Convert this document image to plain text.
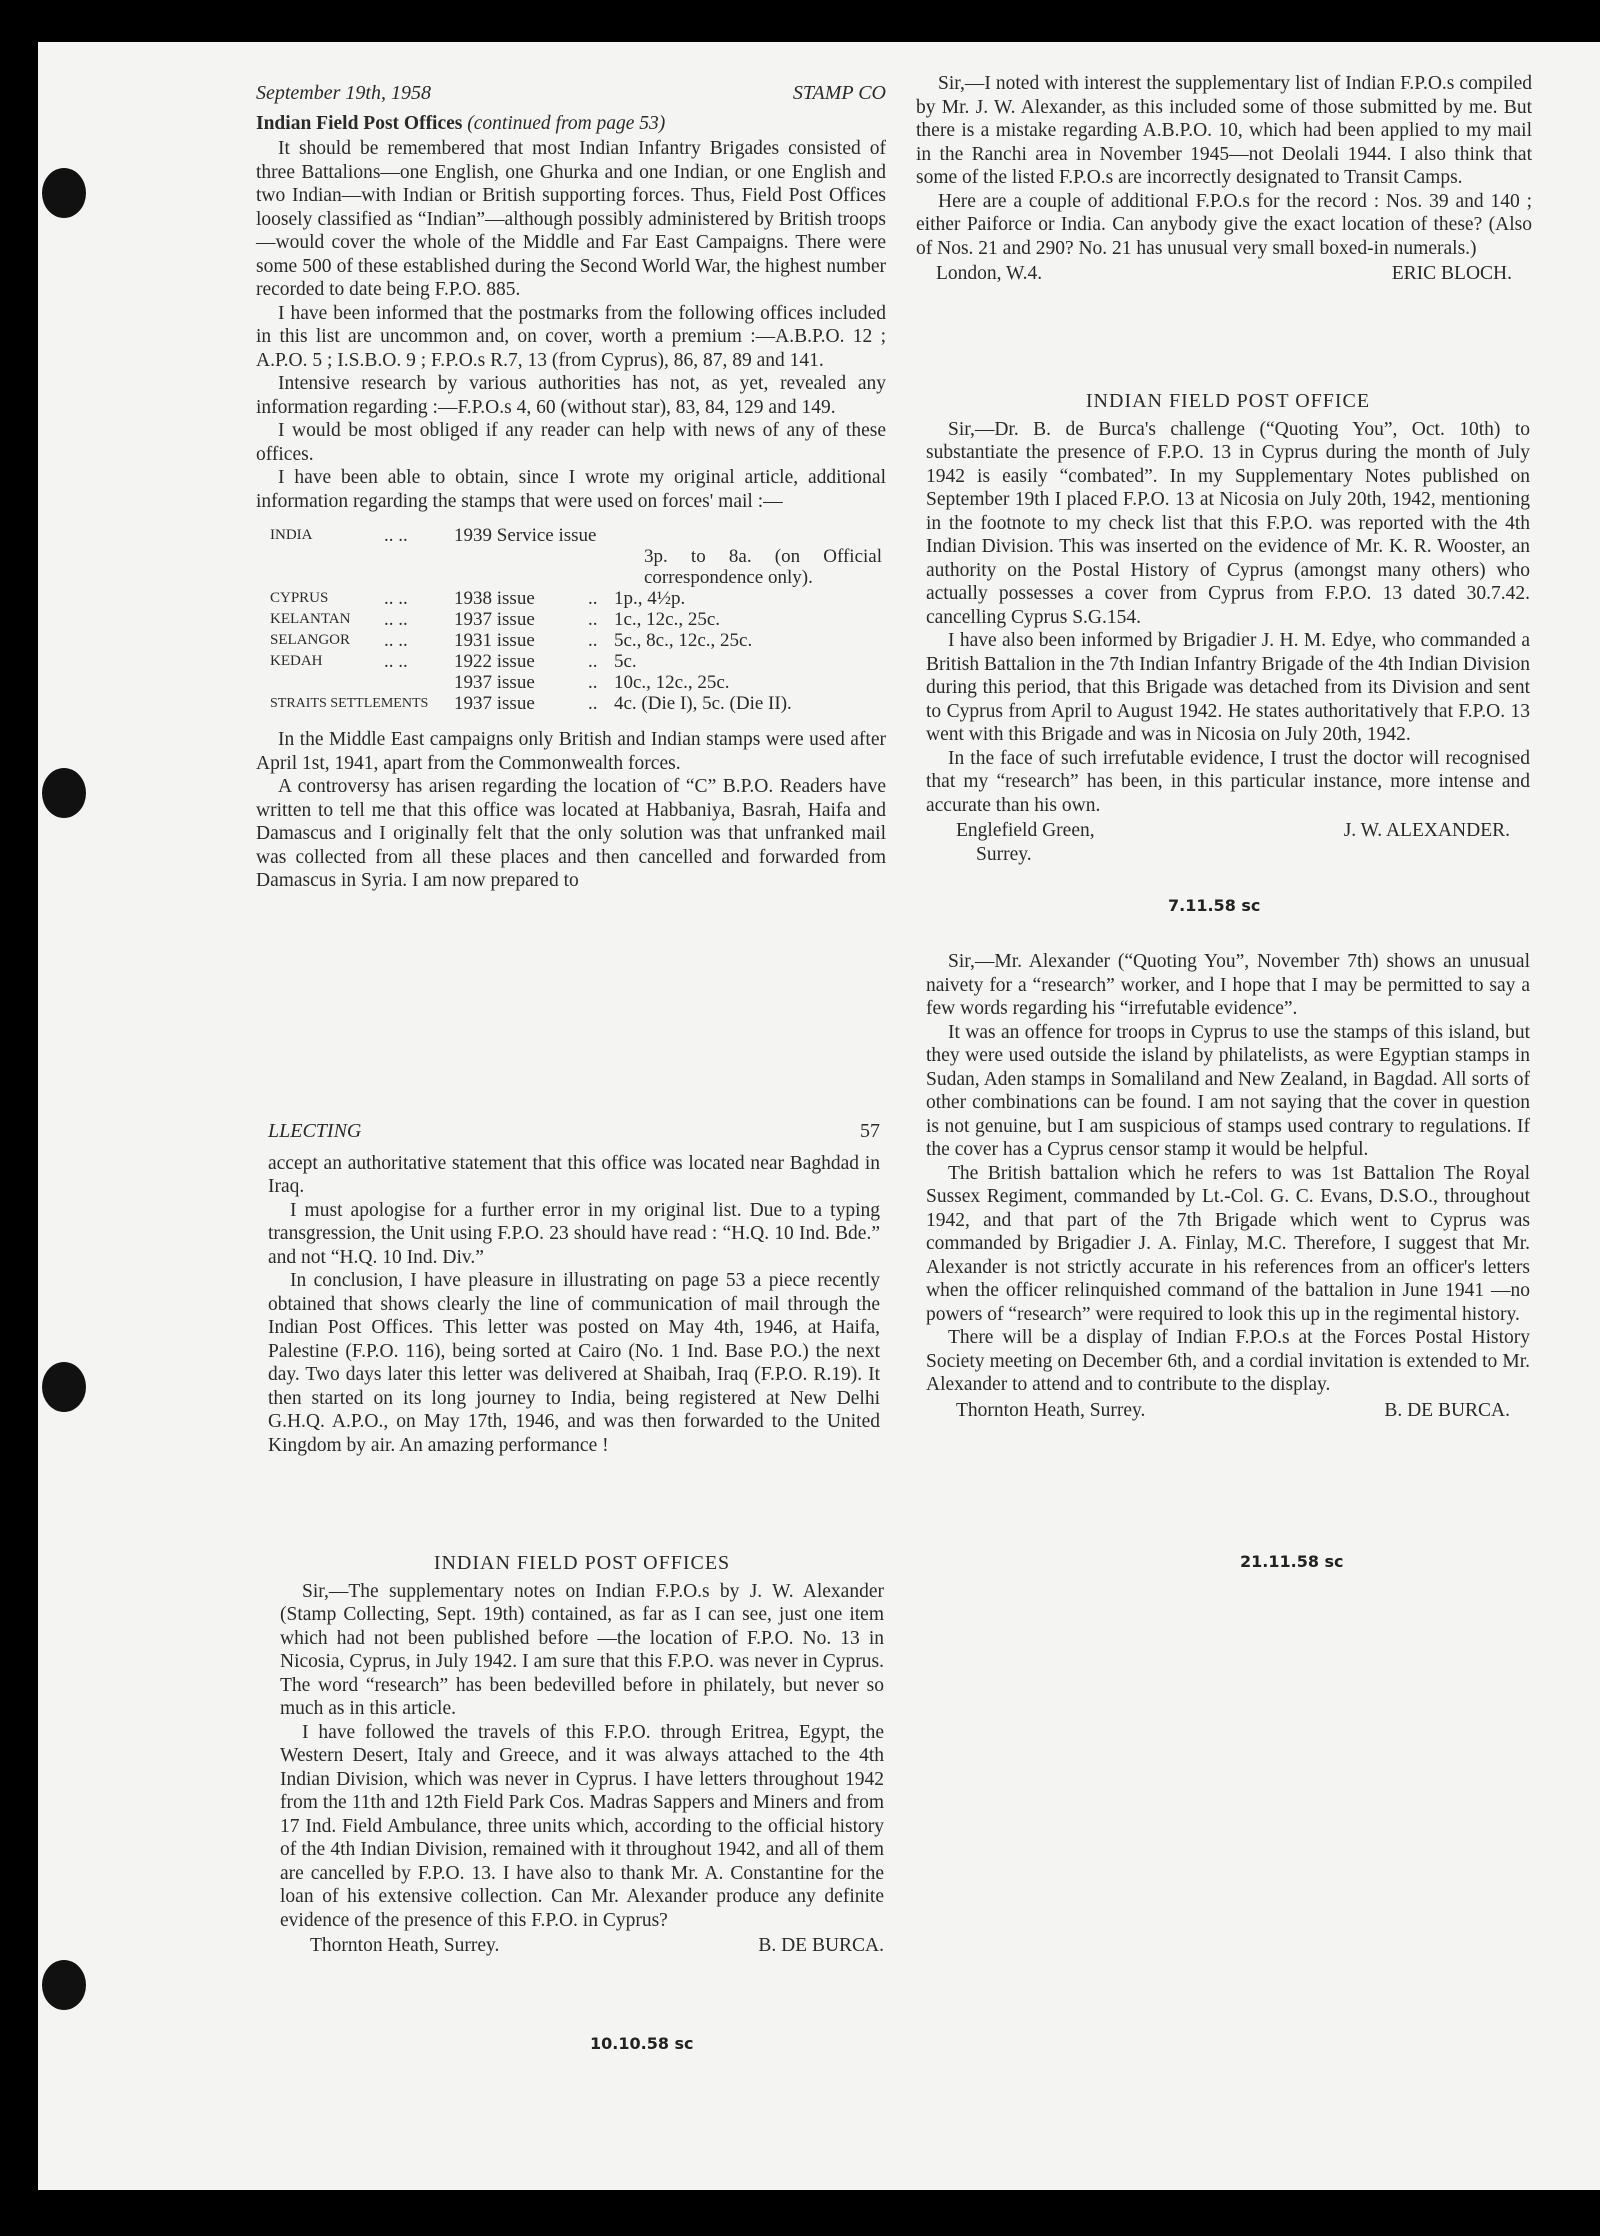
September 19th, 1958	STAMP CO
Indian Field Post Offices (continued from page 53)

It should be remembered that most Indian Infantry Brigades consisted of three Battalions—one English, one Ghurka and one Indian, or one English and two Indian—with Indian or British supporting forces. Thus, Field Post Offices loosely classified as “Indian”—although possibly administered by British troops—would cover the whole of the Middle and Far East Campaigns. There were some 500 of these established during the Second World War, the highest number recorded to date being F.P.O. 885.

I have been informed that the postmarks from the following offices included in this list are uncommon and, on cover, worth a premium :—A.B.P.O. 12 ; A.P.O. 5 ; I.S.B.O. 9 ; F.P.O.s R.7, 13 (from Cyprus), 86, 87, 89 and 141.

Intensive research by various authorities has not, as yet, revealed any information regarding :—F.P.O.s 4, 60 (without star), 83, 84, 129 and 149.

I would be most obliged if any reader can help with news of any of these offices.

I have been able to obtain, since I wrote my original article, additional information regarding the stamps that were used on forces' mail :—

INDIA	.. ..	1939 Service issue		
		3p. to 8a. (on Official correspondence only).		
CYPRUS	.. ..	1938 issue	..	1p., 4½p.
KELANTAN	.. ..	1937 issue	..	1c., 12c., 25c.
SELANGOR	.. ..	1931 issue	..	5c., 8c., 12c., 25c.
KEDAH	.. ..	1922 issue	..	5c.
		1937 issue	..	10c., 12c., 25c.
STRAITS SETTLEMENTS		1937 issue	..	4c. (Die I), 5c. (Die II).

In the Middle East campaigns only British and Indian stamps were used after April 1st, 1941, apart from the Commonwealth forces.

A controversy has arisen regarding the location of “C” B.P.O. Readers have written to tell me that this office was located at Habbaniya, Basrah, Haifa and Damascus and I originally felt that the only solution was that unfranked mail was collected from all these places and then cancelled and forwarded from Damascus in Syria. I am now prepared to

LLECTING	57

accept an authoritative statement that this office was located near Baghdad in Iraq.

I must apologise for a further error in my original list. Due to a typing transgression, the Unit using F.P.O. 23 should have read : “H.Q. 10 Ind. Bde.” and not “H.Q. 10 Ind. Div.”

In conclusion, I have pleasure in illustrating on page 53 a piece recently obtained that shows clearly the line of communication of mail through the Indian Post Offices. This letter was posted on May 4th, 1946, at Haifa, Palestine (F.P.O. 116), being sorted at Cairo (No. 1 Ind. Base P.O.) the next day. Two days later this letter was delivered at Shaibah, Iraq (F.P.O. R.19). It then started on its long journey to India, being registered at New Delhi G.H.Q. A.P.O., on May 17th, 1946, and was then forwarded to the United Kingdom by air. An amazing performance !

INDIAN FIELD POST OFFICES

Sir,—The supplementary notes on Indian F.P.O.s by J. W. Alexander (Stamp Collecting, Sept. 19th) contained, as far as I can see, just one item which had not been published before —the location of F.P.O. No. 13 in Nicosia, Cyprus, in July 1942. I am sure that this F.P.O. was never in Cyprus. The word “research” has been bedevilled before in philately, but never so much as in this article.

I have followed the travels of this F.P.O. through Eritrea, Egypt, the Western Desert, Italy and Greece, and it was always attached to the 4th Indian Division, which was never in Cyprus. I have letters throughout 1942 from the 11th and 12th Field Park Cos. Madras Sappers and Miners and from 17 Ind. Field Ambulance, three units which, according to the official history of the 4th Indian Division, remained with it throughout 1942, and all of them are cancelled by F.P.O. 13. I have also to thank Mr. A. Constantine for the loan of his extensive collection. Can Mr. Alexander produce any definite evidence of the presence of this F.P.O. in Cyprus?

Thornton Heath, Surrey.	B. DE BURCA.
10.10.58 sc

Sir,—I noted with interest the supplementary list of Indian F.P.O.s compiled by Mr. J. W. Alexander, as this included some of those submitted by me. But there is a mistake regarding A.B.P.O. 10, which had been applied to my mail in the Ranchi area in November 1945—not Deolali 1944. I also think that some of the listed F.P.O.s are incorrectly designated to Transit Camps.

Here are a couple of additional F.P.O.s for the record : Nos. 39 and 140 ; either Paiforce or India. Can anybody give the exact location of these? (Also of Nos. 21 and 290? No. 21 has unusual very small boxed-in numerals.)

London, W.4.	ERIC BLOCH.
INDIAN FIELD POST OFFICE

Sir,—Dr. B. de Burca's challenge (“Quoting You”, Oct. 10th) to substantiate the presence of F.P.O. 13 in Cyprus during the month of July 1942 is easily “combated”. In my Supplementary Notes published on September 19th I placed F.P.O. 13 at Nicosia on July 20th, 1942, mentioning in the footnote to my check list that this F.P.O. was reported with the 4th Indian Division. This was inserted on the evidence of Mr. K. R. Wooster, an authority on the Postal History of Cyprus (amongst many others) who actually possesses a cover from Cyprus from F.P.O. 13 dated 30.7.42. cancelling Cyprus S.G.154.

I have also been informed by Brigadier J. H. M. Edye, who commanded a British Battalion in the 7th Indian Infantry Brigade of the 4th Indian Division during this period, that this Brigade was detached from its Division and sent to Cyprus from April to August 1942. He states authoritatively that F.P.O. 13 went with this Brigade and was in Nicosia on July 20th, 1942.

In the face of such irrefutable evidence, I trust the doctor will recognised that my “research” has been, in this particular instance, more intense and accurate than his own.

Englefield Green,	J. W. ALEXANDER.
Surrey.
7.11.58 sc

Sir,—Mr. Alexander (“Quoting You”, November 7th) shows an unusual naivety for a “research” worker, and I hope that I may be permitted to say a few words regarding his “irrefutable evidence”.

It was an offence for troops in Cyprus to use the stamps of this island, but they were used outside the island by philatelists, as were Egyptian stamps in Sudan, Aden stamps in Somaliland and New Zealand, in Bagdad. All sorts of other combinations can be found. I am not saying that the cover in question is not genuine, but I am suspicious of stamps used contrary to regulations. If the cover has a Cyprus censor stamp it would be helpful.

The British battalion which he refers to was 1st Battalion The Royal Sussex Regiment, commanded by Lt.-Col. G. C. Evans, D.S.O., throughout 1942, and that part of the 7th Brigade which went to Cyprus was commanded by Brigadier J. A. Finlay, M.C. Therefore, I suggest that Mr. Alexander is not strictly accurate in his references from an officer's letters when the officer relinquished command of the battalion in June 1941 —no powers of “research” were required to look this up in the regimental history.

There will be a display of Indian F.P.O.s at the Forces Postal History Society meeting on December 6th, and a cordial invitation is extended to Mr. Alexander to attend and to contribute to the display.

Thornton Heath, Surrey.	B. DE BURCA.
21.11.58 sc
